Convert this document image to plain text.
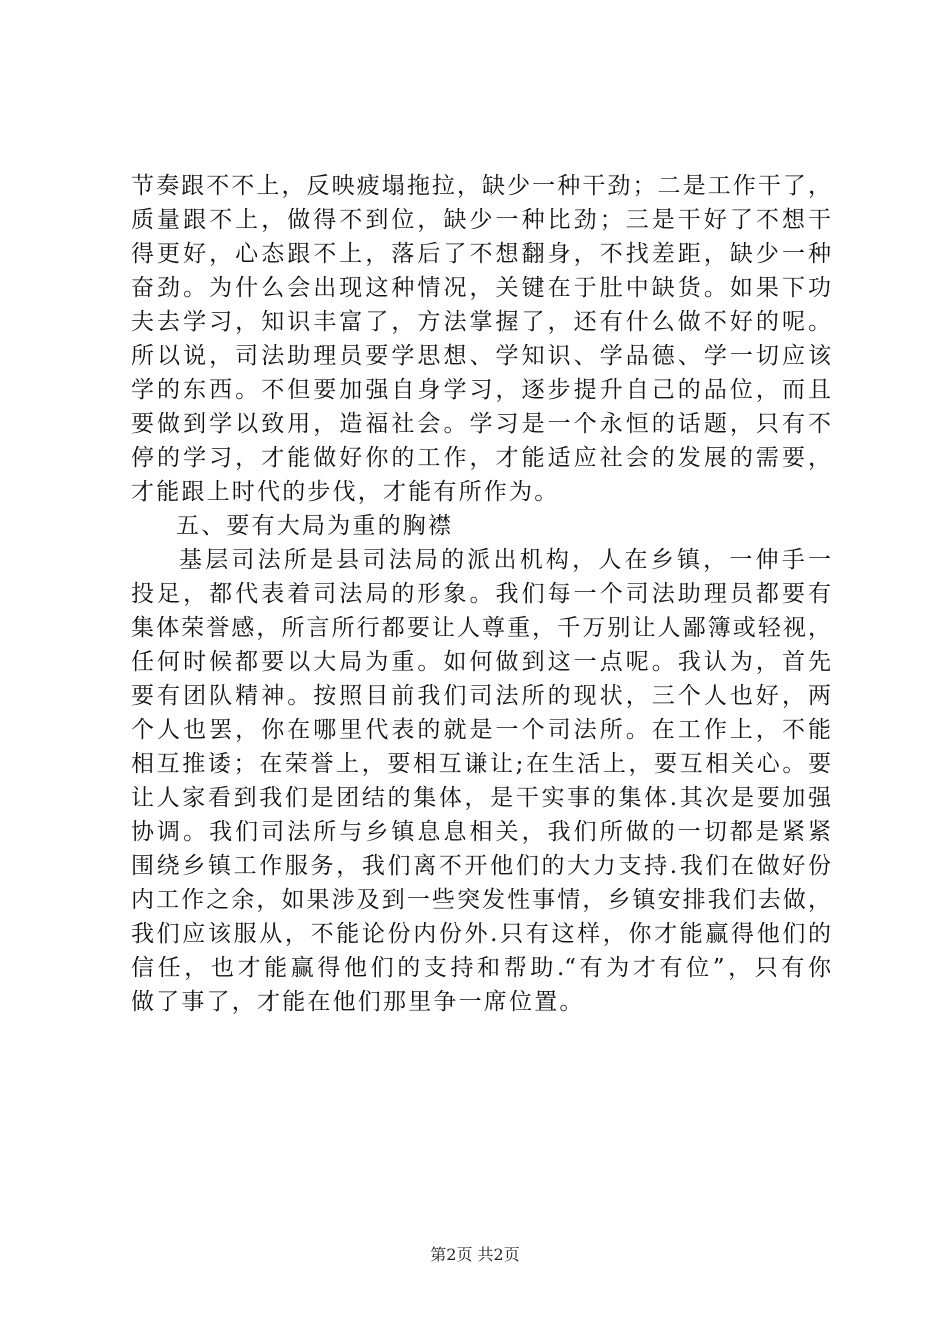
节奏跟不不上，反映疲塌拖拉，缺少一种干劲；二是工作干了，
质量跟不上，做得不到位，缺少一种比劲；三是干好了不想干
得更好，心态跟不上，落后了不想翻身，不找差距，缺少一种
奋劲。为什么会出现这种情况，关键在于肚中缺货。如果下功
夫去学习，知识丰富了，方法掌握了，还有什么做不好的呢。
所以说，司法助理员要学思想、学知识、学品德、学一切应该
学的东西。不但要加强自身学习，逐步提升自己的品位，而且
要做到学以致用，造福社会。学习是一个永恒的话题，只有不
停的学习，才能做好你的工作，才能适应社会的发展的需要，
才能跟上时代的步伐，才能有所作为。
五、要有大局为重的胸襟
基层司法所是县司法局的派出机构，人在乡镇，一伸手一
投足，都代表着司法局的形象。我们每一个司法助理员都要有
集体荣誉感，所言所行都要让人尊重，千万别让人鄙簿或轻视，
任何时候都要以大局为重。如何做到这一点呢。我认为，首先
要有团队精神。按照目前我们司法所的现状，三个人也好，两
个人也罢，你在哪里代表的就是一个司法所。在工作上，不能
相互推诿；在荣誉上，要相互谦让;在生活上，要互相关心。要
让人家看到我们是团结的集体，是干实事的集体.其次是要加强
协调。我们司法所与乡镇息息相关，我们所做的一切都是紧紧
围绕乡镇工作服务，我们离不开他们的大力支持.我们在做好份
内工作之余，如果涉及到一些突发性事情，乡镇安排我们去做，
我们应该服从，不能论份内份外.只有这样，你才能赢得他们的
信任，也才能赢得他们的支持和帮助.“有为才有位”，只有你
做了事了，才能在他们那里争一席位置。
第2页 共2页
